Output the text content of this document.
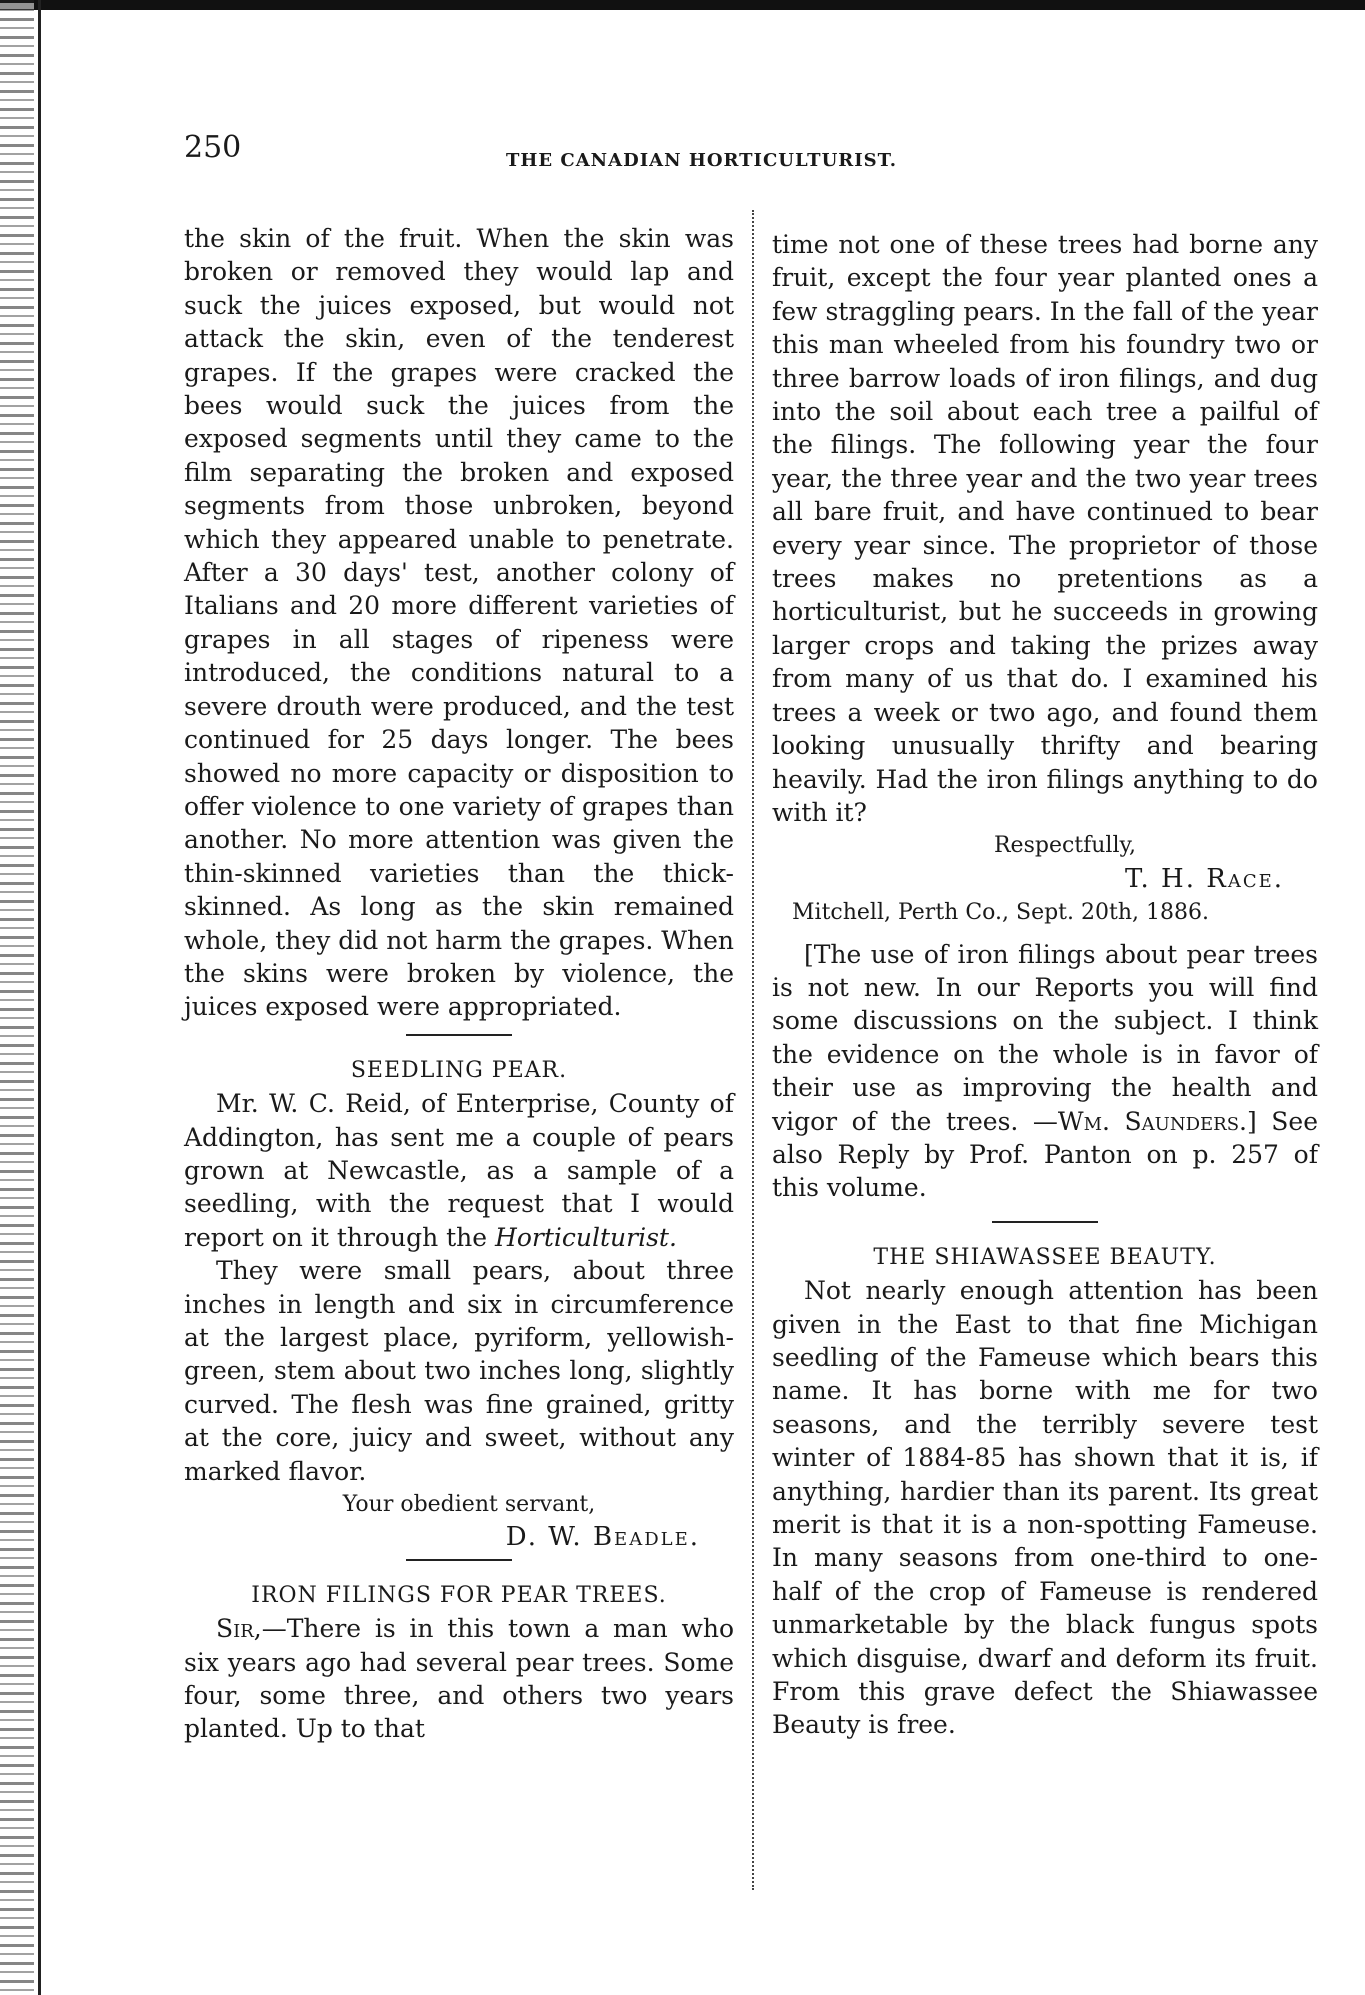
250	THE CANADIAN HORTICULTURIST.

the skin of the fruit. When the skin was broken or removed they would lap and suck the juices exposed, but would not attack the skin, even of the tenderest grapes. If the grapes were cracked the bees would suck the juices from the exposed segments until they came to the film separating the broken and exposed segments from those unbroken, beyond which they appeared unable to penetrate. After a 30 days' test, another colony of Italians and 20 more different varieties of grapes in all stages of ripeness were introduced, the conditions natural to a severe drouth were produced, and the test continued for 25 days longer. The bees showed no more capacity or disposition to offer violence to one variety of grapes than another. No more attention was given the thin-skinned varieties than the thick-skinned. As long as the skin remained whole, they did not harm the grapes. When the skins were broken by violence, the juices exposed were appropriated.

SEEDLING PEAR.

Mr. W. C. Reid, of Enterprise, County of Addington, has sent me a couple of pears grown at Newcastle, as a sample of a seedling, with the request that I would report on it through the Horticulturist.

They were small pears, about three inches in length and six in circumference at the largest place, pyriform, yellowish-green, stem about two inches long, slightly curved. The flesh was fine grained, gritty at the core, juicy and sweet, without any marked flavor.

Your obedient servant,

D. W. Beadle.

IRON FILINGS FOR PEAR TREES.

Sir,—There is in this town a man who six years ago had several pear trees. Some four, some three, and others two years planted. Up to that

time not one of these trees had borne any fruit, except the four year planted ones a few straggling pears. In the fall of the year this man wheeled from his foundry two or three barrow loads of iron filings, and dug into the soil about each tree a pailful of the filings. The following year the four year, the three year and the two year trees all bare fruit, and have continued to bear every year since. The proprietor of those trees makes no pretentions as a horticulturist, but he succeeds in growing larger crops and taking the prizes away from many of us that do. I examined his trees a week or two ago, and found them looking unusually thrifty and bearing heavily. Had the iron filings anything to do with it?

Respectfully,

T. H. Race.

Mitchell, Perth Co., Sept. 20th, 1886.

[The use of iron filings about pear trees is not new. In our Reports you will find some discussions on the subject. I think the evidence on the whole is in favor of their use as improving the health and vigor of the trees. —Wm. Saunders.] See also Reply by Prof. Panton on p. 257 of this volume.

THE SHIAWASSEE BEAUTY.

Not nearly enough attention has been given in the East to that fine Michigan seedling of the Fameuse which bears this name. It has borne with me for two seasons, and the terribly severe test winter of 1884-85 has shown that it is, if anything, hardier than its parent. Its great merit is that it is a non-spotting Fameuse. In many seasons from one-third to one-half of the crop of Fameuse is rendered unmarketable by the black fungus spots which disguise, dwarf and deform its fruit. From this grave defect the Shiawassee Beauty is free.
